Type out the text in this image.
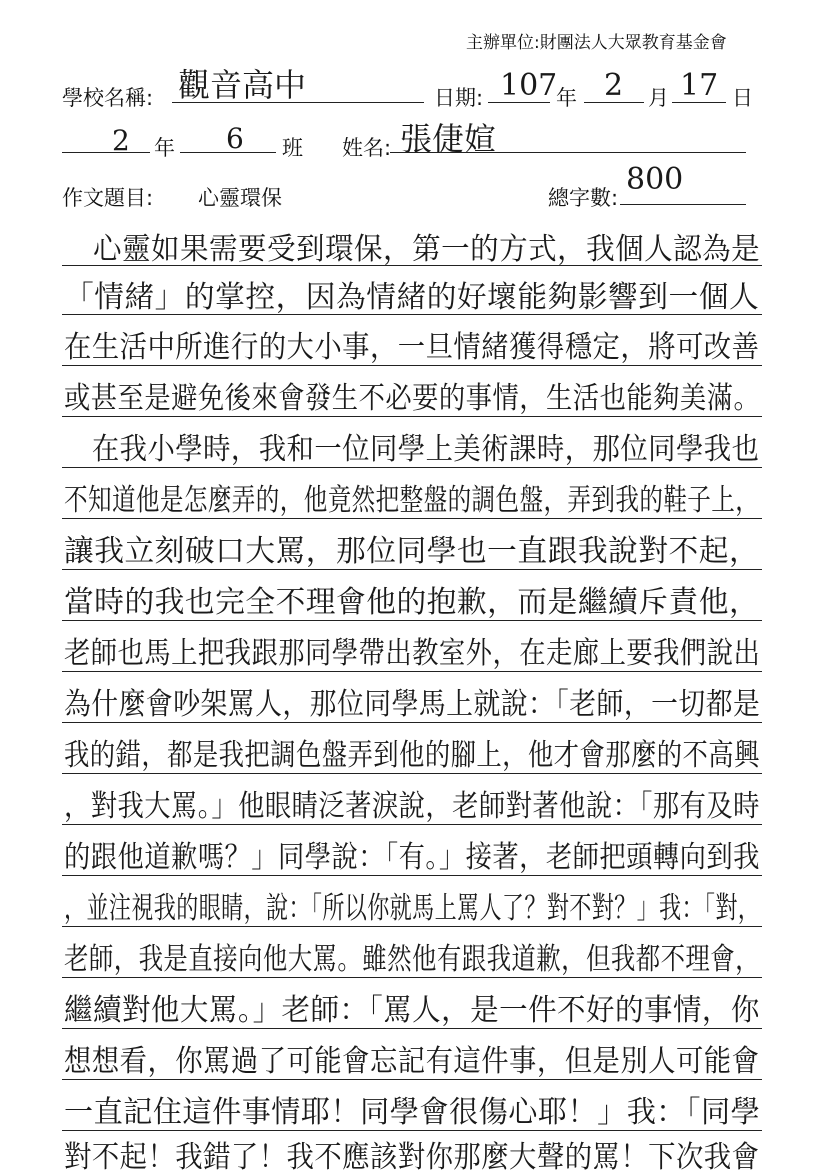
主辦單位:財團法人大眾教育基金會
學校名稱: 觀音高中	日期: 107
年 2 月 17 日
2 年 6 班 姓名: 張倢媗
作文題目: 心靈環保	總字數:
800
　心靈如果需要受到環保，第一的方式，我個人認為是
「情緒」的掌控，因為情緒的好壞能夠影響到一個人
在生活中所進行的大小事，一旦情緒獲得穩定，將可改善
或甚至是避免後來會發生不必要的事情，生活也能夠美滿。
　在我小學時，我和一位同學上美術課時，那位同學我也
不知道他是怎麼弄的，他竟然把整盤的調色盤，弄到我的鞋子上，
讓我立刻破口大罵，那位同學也一直跟我說對不起，
當時的我也完全不理會他的抱歉，而是繼續斥責他，
老師也馬上把我跟那同學帶出教室外，在走廊上要我們說出
為什麼會吵架罵人，那位同學馬上就說：「老師，一切都是
我的錯，都是我把調色盤弄到他的腳上，他才會那麼的不高興
，對我大罵。」他眼睛泛著淚說，老師對著他說：「那有及時
的跟他道歉嗎？」同學說：「有。」接著，老師把頭轉向到我
，並注視我的眼睛，說：「所以你就馬上罵人了？對不對？」我：「對，
老師，我是直接向他大罵。雖然他有跟我道歉，但我都不理會，
繼續對他大罵。」老師：「罵人，是一件不好的事情，你
想想看，你罵過了可能會忘記有這件事，但是別人可能會
一直記住這件事情耶！同學會很傷心耶！」我：「同學
對不起！我錯了！我不應該對你那麼大聲的罵！下次我會
